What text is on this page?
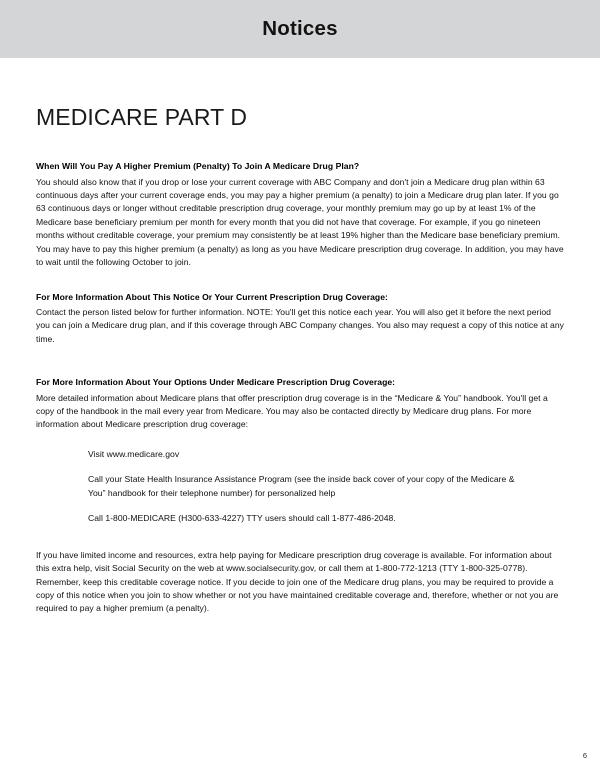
Notices
MEDICARE PART D
When Will You Pay A Higher Premium (Penalty) To Join A Medicare Drug Plan?

You should also know that if you drop or lose your current coverage with ABC Company and don't join a Medicare drug plan within 63 continuous days after your current coverage ends, you may pay a higher premium (a penalty) to join a Medicare drug plan later. If you go 63 continuous days or longer without creditable prescription drug coverage, your monthly premium may go up by at least 1% of the Medicare base beneficiary premium per month for every month that you did not have that coverage. For example, if you go nineteen months without creditable coverage, your premium may consistently be at least 19% higher than the Medicare base beneficiary premium. You may have to pay this higher premium (a penalty) as long as you have Medicare prescription drug coverage. In addition, you may have to wait until the following October to join.

For More Information About This Notice Or Your Current Prescription Drug Coverage:

Contact the person listed below for further information. NOTE: You'll get this notice each year. You will also get it before the next period you can join a Medicare drug plan, and if this coverage through ABC Company changes. You also may request a copy of this notice at any time.

For More Information About Your Options Under Medicare Prescription Drug Coverage:

More detailed information about Medicare plans that offer prescription drug coverage is in the “Medicare & You” handbook. You'll get a copy of the handbook in the mail every year from Medicare. You may also be contacted directly by Medicare drug plans. For more information about Medicare prescription drug coverage:

Visit www.medicare.gov

Call your State Health Insurance Assistance Program (see the inside back cover of your copy of the Medicare & You” handbook for their telephone number) for personalized help

Call 1-800-MEDICARE (H300-633-4227) TTY users should call 1-877-486-2048.

If you have limited income and resources, extra help paying for Medicare prescription drug coverage is available. For information about this extra help, visit Social Security on the web at www.socialsecurity.gov, or call them at 1-800-772-1213 (TTY 1-800-325-0778). Remember, keep this creditable coverage notice. If you decide to join one of the Medicare drug plans, you may be required to provide a copy of this notice when you join to show whether or not you have maintained creditable coverage and, therefore, whether or not you are required to pay a higher premium (a penalty).

6
